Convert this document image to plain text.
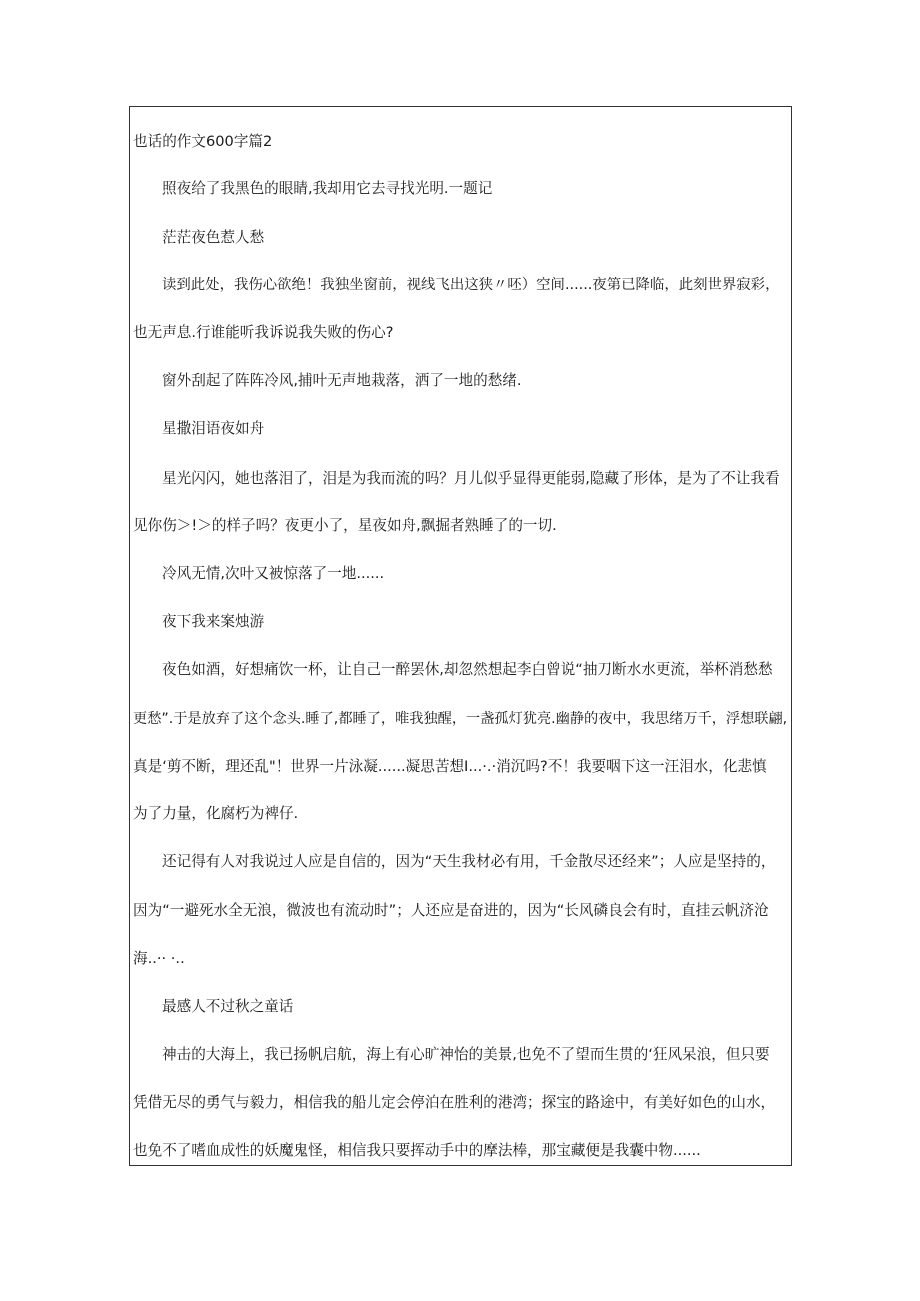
也话的作文600字篇2
照夜给了我黑色的眼睛,我却用它去寻找光明.一题记
茫茫夜色惹人愁
读到此处，我伤心欲绝！我独坐窗前，视线飞出这狭〃呸）空间......夜第已降临，此刻世界寂彩，
也无声息.行谁能听我诉说我失败的伤心?
窗外刮起了阵阵冷风,捕叶无声地栽落，洒了一地的愁绪.
星撒泪语夜如舟
星光闪闪，她也落泪了，泪是为我而流的吗？月儿似乎显得更能弱,隐藏了形体，是为了不让我看
见你伤＞!＞的样子吗？夜更小了，星夜如舟,飘掘者熟睡了的一切.
冷风无情,次叶又被惊落了一地......
夜下我来案烛游
夜色如酒，好想痛饮一杯，让自己一醉罢休,却忽然想起李白曾说“抽刀断水水更流，举杯消愁愁
更愁”.于是放弃了这个念头.睡了,都睡了，唯我独醒，一盏孤灯犹亮.幽静的夜中，我思绪万千，浮想联翩,
真是‘剪不断，理还乱"！世界一片泳凝......凝思苦想I...·.·消沉吗?不！我要咽下这一汪泪水，化悲慎
为了力量，化腐朽为裨仔.
还记得有人对我说过人应是自信的，因为“天生我材必有用，千金散尽还经来”；人应是坚持的，
因为“一避死水全无浪，微波也有流动时”；人还应是奋进的，因为“长风磷良会有时，直挂云帆济沧
海..·· ·..
最感人不过秋之童话
神击的大海上，我已扬帆启航，海上有心旷神怡的美景,也免不了望而生贯的‘狂风呆浪，但只要
凭借无尽的勇气与毅力，相信我的船儿定会停泊在胜利的港湾；探宝的路途中，有美好如色的山水，
也免不了嗜血成性的妖魔鬼怪，相信我只要挥动手中的摩法棒，那宝藏便是我囊中物......
